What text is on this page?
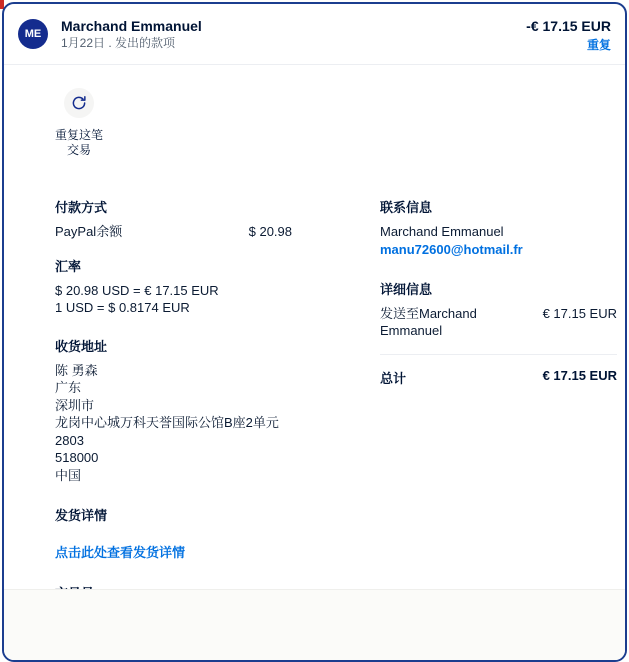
ME Marchand Emmanuel
1月22日 . 发出的款项
-€ 17.15 EUR
重复
重复这笔
交易
付款方式
PayPal余额	$ 20.98
汇率
$ 20.98 USD = € 17.15 EUR
1 USD = $ 0.8174 EUR
收货地址
陈 勇森
广东
深圳市
龙岗中心城万科天誉国际公馆B座2单元
2803
518000
中国
发货详情
点击此处查看发货详情
联系信息
Marchand Emmanuel
manu72600@hotmail.fr
详细信息
发送至Marchand Emmanuel
€ 17.15 EUR
总计	€ 17.15 EUR
